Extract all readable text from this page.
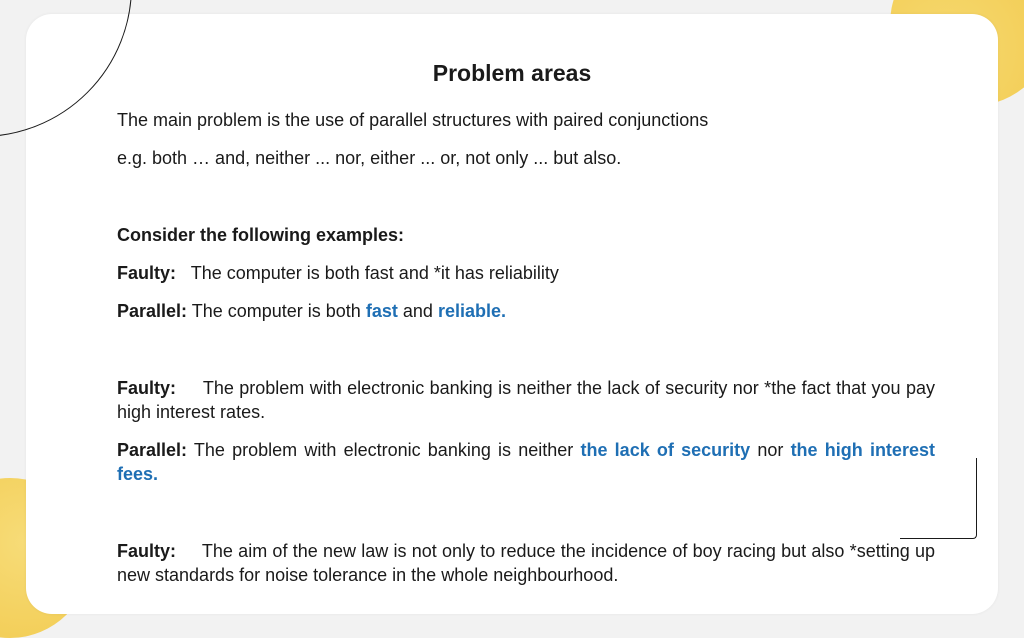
Problem areas

The main problem is the use of parallel structures with paired conjunctions

e.g. both … and, neither ... nor, either ... or, not only ... but also.

Consider the following examples:

Faulty: The computer is both fast and *it has reliability

Parallel: The computer is both fast and reliable.

Faulty: The problem with electronic banking is neither the lack of security nor *the fact that you pay high interest rates.

Parallel: The problem with electronic banking is neither the lack of security nor the high interest fees.

Faulty: The aim of the new law is not only to reduce the incidence of boy racing but also *setting up new standards for noise tolerance in the whole neighbourhood.
